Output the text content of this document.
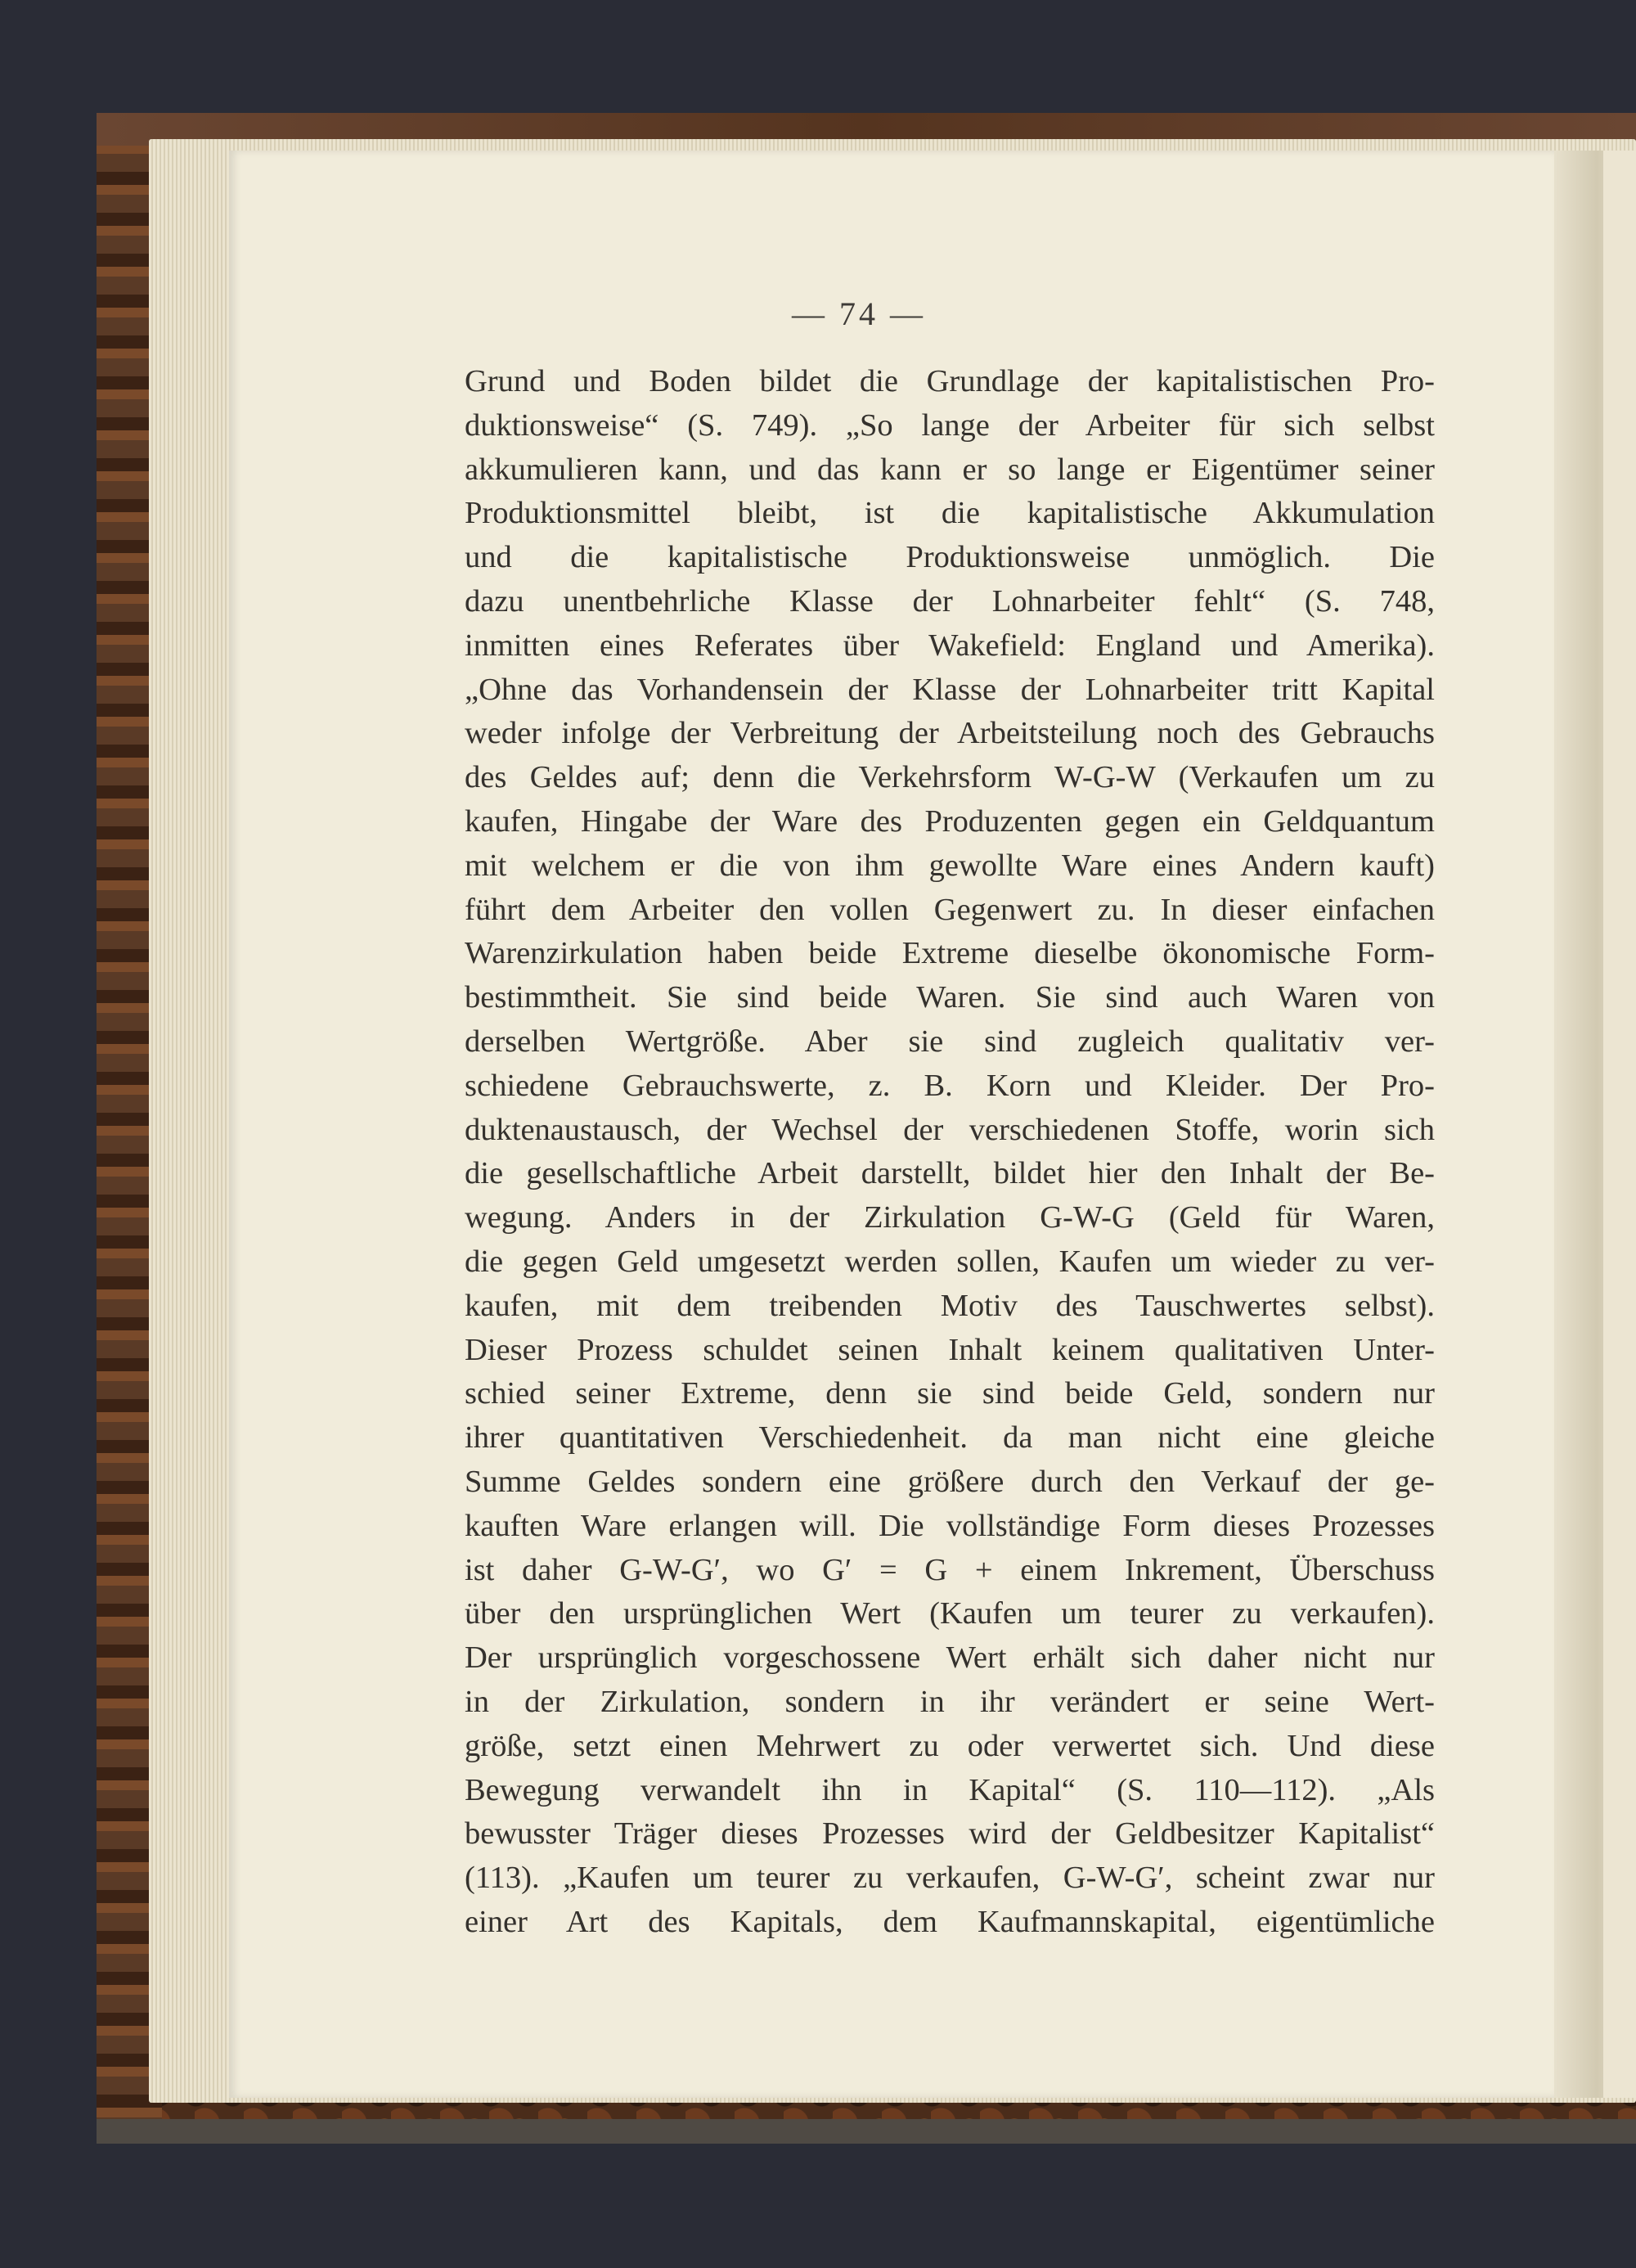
— 74 —
Grund und Boden bildet die Grundlage der kapitalistischen Pro-
duktionsweise“ (S. 749). „So lange der Arbeiter für sich selbst
akkumulieren kann, und das kann er so lange er Eigentümer seiner
Produktionsmittel bleibt, ist die kapitalistische Akkumulation
und die kapitalistische Produktionsweise unmöglich. Die
dazu unentbehrliche Klasse der Lohnarbeiter fehlt“ (S. 748,
inmitten eines Referates über Wakefield: England und Amerika).
„Ohne das Vorhandensein der Klasse der Lohnarbeiter tritt Kapital
weder infolge der Verbreitung der Arbeitsteilung noch des Gebrauchs
des Geldes auf; denn die Verkehrsform W-G-W (Verkaufen um zu
kaufen, Hingabe der Ware des Produzenten gegen ein Geldquantum
mit welchem er die von ihm gewollte Ware eines Andern kauft)
führt dem Arbeiter den vollen Gegenwert zu. In dieser einfachen
Warenzirkulation haben beide Extreme dieselbe ökonomische Form-
bestimmtheit. Sie sind beide Waren. Sie sind auch Waren von
derselben Wertgröße. Aber sie sind zugleich qualitativ ver-
schiedene Gebrauchswerte, z. B. Korn und Kleider. Der Pro-
duktenaustausch, der Wechsel der verschiedenen Stoffe, worin sich
die gesellschaftliche Arbeit darstellt, bildet hier den Inhalt der Be-
wegung. Anders in der Zirkulation G-W-G (Geld für Waren,
die gegen Geld umgesetzt werden sollen, Kaufen um wieder zu ver-
kaufen, mit dem treibenden Motiv des Tauschwertes selbst).
Dieser Prozess schuldet seinen Inhalt keinem qualitativen Unter-
schied seiner Extreme, denn sie sind beide Geld, sondern nur
ihrer quantitativen Verschiedenheit. da man nicht eine gleiche
Summe Geldes sondern eine größere durch den Verkauf der ge-
kauften Ware erlangen will. Die vollständige Form dieses Prozesses
ist daher G-W-G′, wo G′ = G + einem Inkrement, Überschuss
über den ursprünglichen Wert (Kaufen um teurer zu verkaufen).
Der ursprünglich vorgeschossene Wert erhält sich daher nicht nur
in der Zirkulation, sondern in ihr verändert er seine Wert-
größe, setzt einen Mehrwert zu oder verwertet sich. Und diese
Bewegung verwandelt ihn in Kapital“ (S. 110—112). „Als
bewusster Träger dieses Prozesses wird der Geldbesitzer Kapitalist“
(113). „Kaufen um teurer zu verkaufen, G-W-G′, scheint zwar nur
einer Art des Kapitals, dem Kaufmannskapital, eigentümliche
